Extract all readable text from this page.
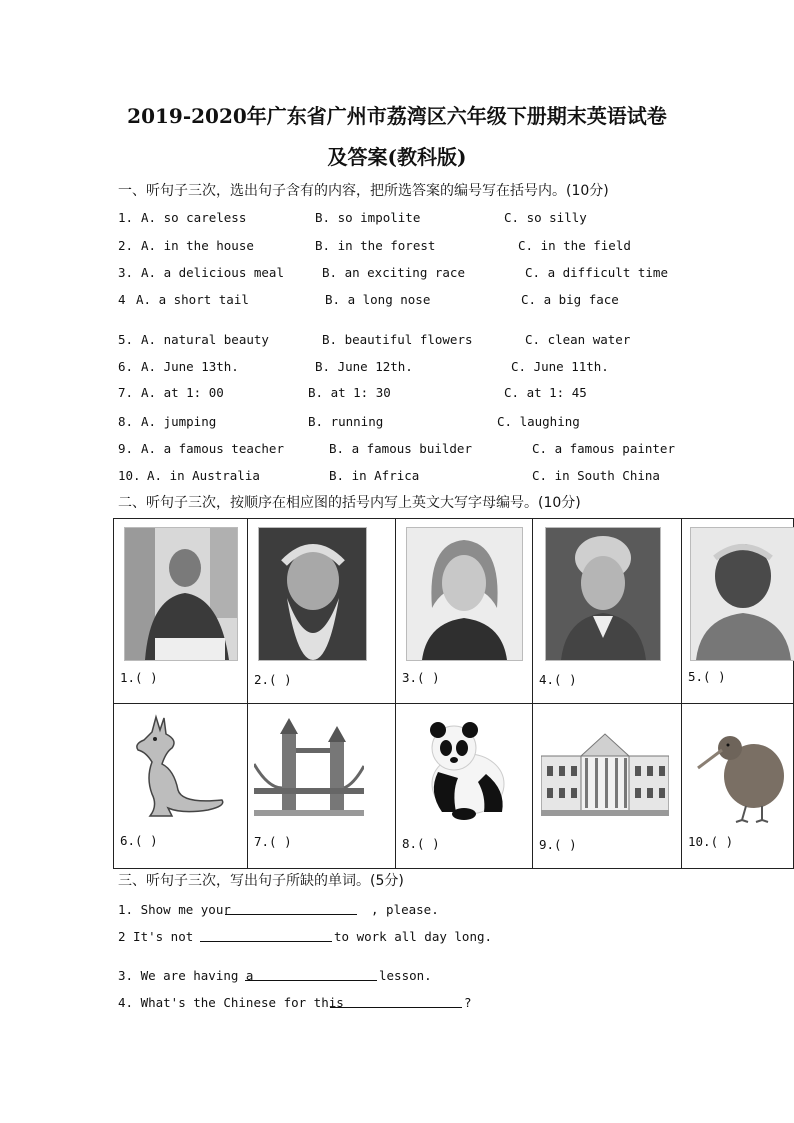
2019-2020年广东省广州市荔湾区六年级下册期末英语试卷
及答案(教科版)
一、听句子三次，选出句子含有的内容，把所选答案的编号写在括号内。(10分)
1. A. so careless	B. so impolite	C. so silly
2. A. in the house	B. in the forest	C. in the field
3. A. a delicious meal	B. an exciting race	C. a difficult time
4 A. a short tail	B. a long nose	C. a big face
5. A. natural beauty	B. beautiful flowers	C. clean water
6. A. June 13th.	B. June 12th.	C. June 11th.
7. A. at 1: 00	B. at 1: 30	C. at 1: 45
8. A. jumping	B. running	C. laughing
9. A. a famous teacher	B. a famous builder	C. a famous painter
10. A. in Australia	B. in Africa	C. in South China
二、听句子三次，按顺序在相应图的括号内写上英文大写字母编号。(10分)
1.( )	2.( )	3.( )	4.( )	5.( )
6.( )	7.( )	8.( )	9.( )	10.( )
三、听句子三次，写出句子所缺的单词。(5分)
1. Show me your	, please.
2 It's not	to work all day long.
3. We are having a	lesson.
4. What's the Chinese for this	?
